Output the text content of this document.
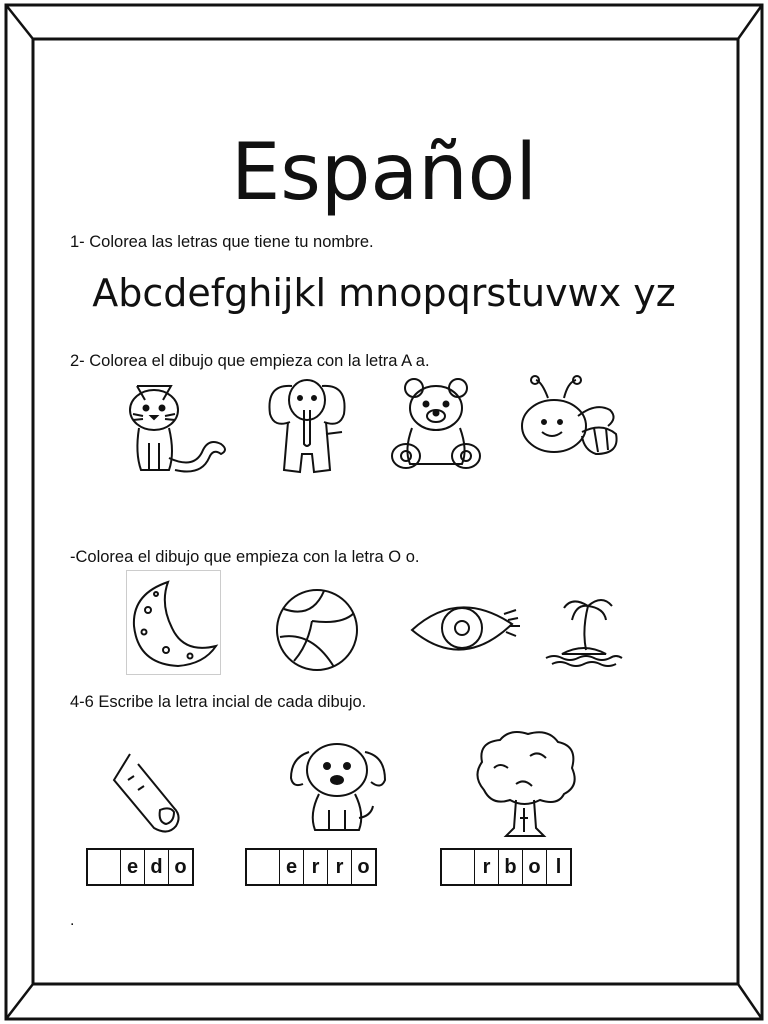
Español
1- Colorea las letras que tiene tu nombre.
Abcdefghijkl mnopqrstuvwx yz
2- Colorea el dibujo que empieza con la letra A a.
-Colorea el dibujo que empieza con la letra O o.
4-6 Escribe la letra incial de cada dibujo.
e d o	e r r o	r b o l
.
